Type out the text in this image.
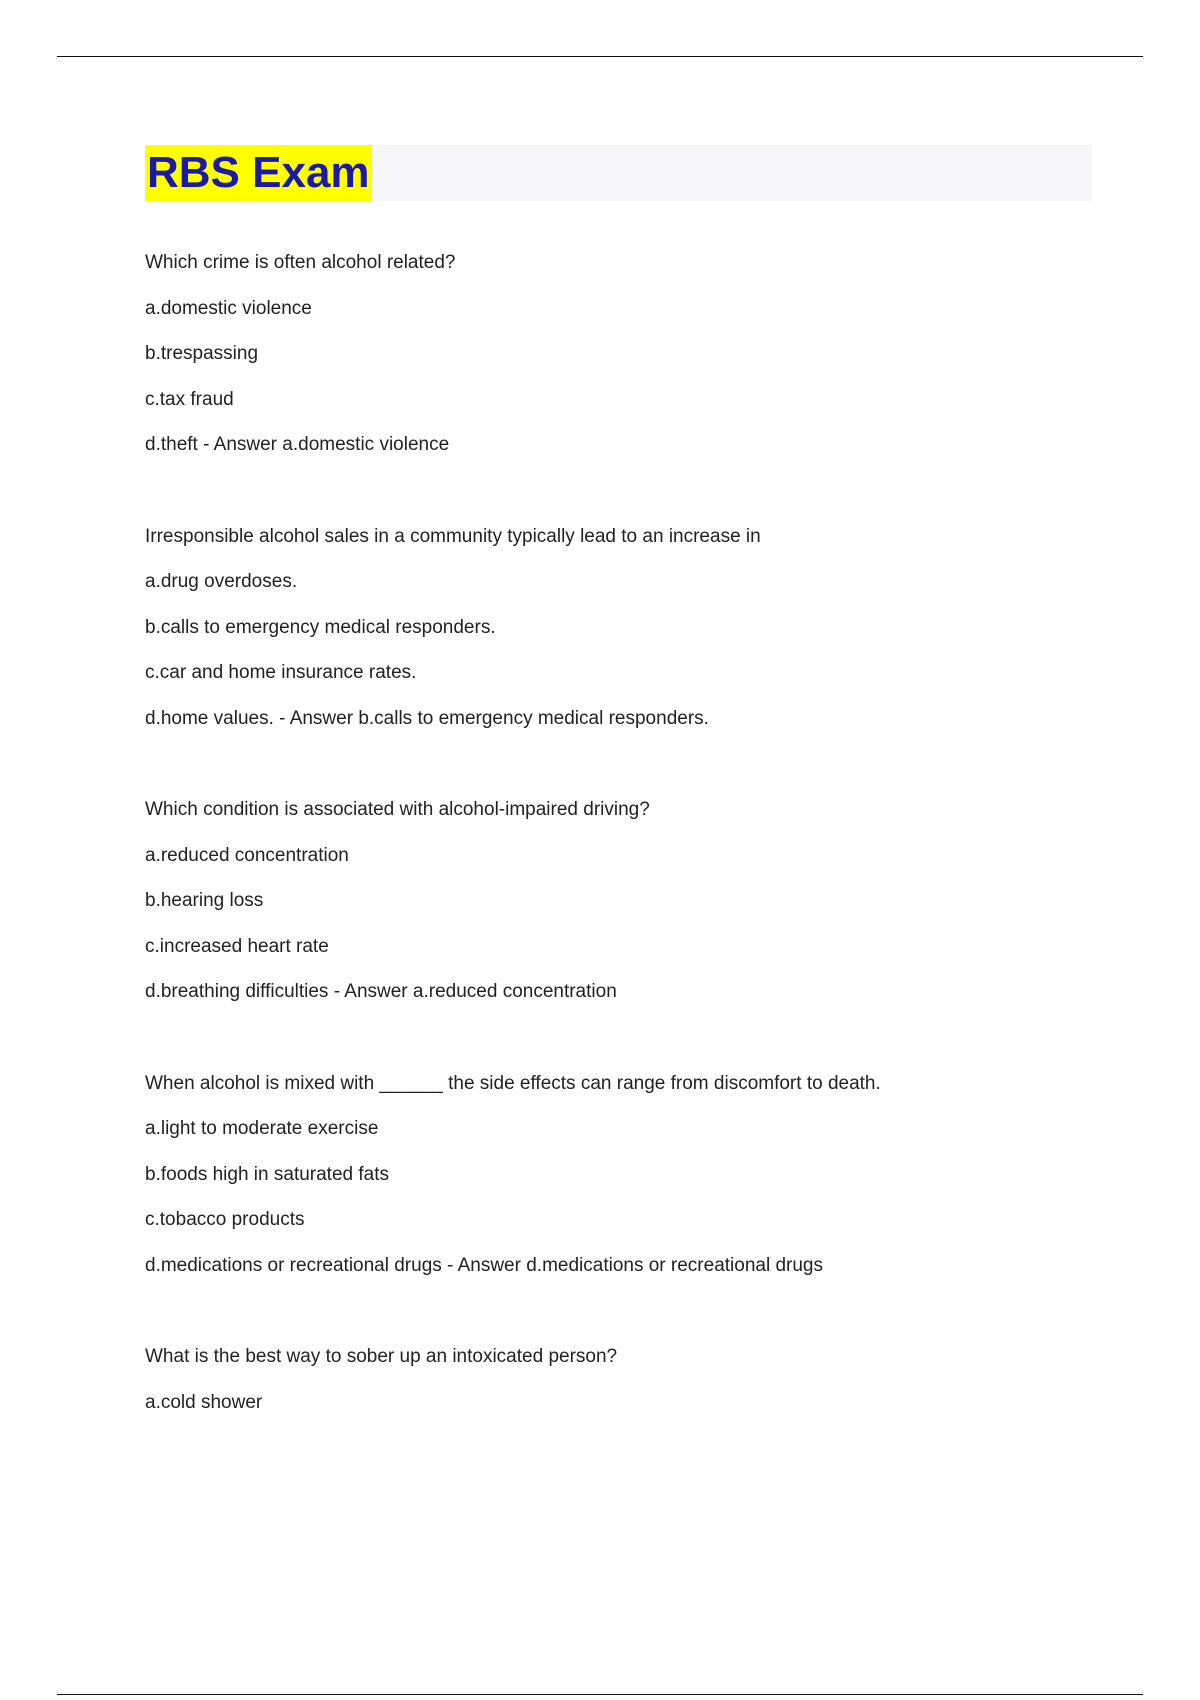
RBS Exam
Which crime is often alcohol related?
a.domestic violence
b.trespassing
c.tax fraud
d.theft - Answer a.domestic violence
Irresponsible alcohol sales in a community typically lead to an increase in
a.drug overdoses.
b.calls to emergency medical responders.
c.car and home insurance rates.
d.home values. - Answer b.calls to emergency medical responders.
Which condition is associated with alcohol-impaired driving?
a.reduced concentration
b.hearing loss
c.increased heart rate
d.breathing difficulties - Answer a.reduced concentration
When alcohol is mixed with ______ the side effects can range from discomfort to death.
a.light to moderate exercise
b.foods high in saturated fats
c.tobacco products
d.medications or recreational drugs - Answer d.medications or recreational drugs
What is the best way to sober up an intoxicated person?
a.cold shower
